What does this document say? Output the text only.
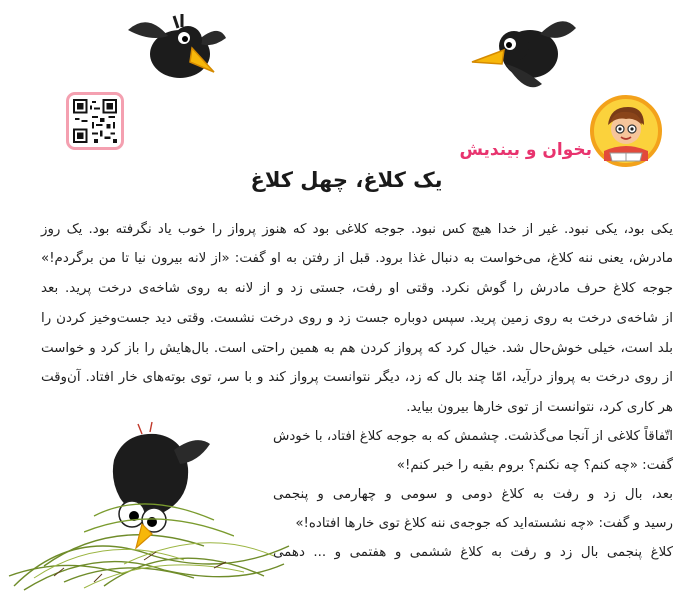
بخوان و بیندیش
یک کلاغ، چهل کلاغ
یکی بود، یکی نبود. غیر از خدا هیچ کس نبود. جوجه کلاغی بود که هنوز پرواز را خوب یاد نگرفته بود. یک روز
مادرش، یعنی ننه کلاغ، می‌خواست به دنبال غذا برود. قبل از رفتن به او گفت: «از لانه بیرون نیا تا من برگردم!»
جوجه کلاغ حرف مادرش را گوش نکرد. وقتی او رفت، جستی زد و از لانه به روی شاخه‌ی درخت پرید. بعد
از شاخه‌ی درخت به روی زمین پرید. سپس دوباره جست زد و روی درخت نشست. وقتی دید جست‌وخیز کردن را
بلد است، خیلی خوش‌حال شد. خیال کرد که پرواز کردن هم به همین راحتی است. بال‌هایش را باز کرد و خواست
از روی درخت به پرواز درآید، امّا چند بال که زد، دیگر نتوانست پرواز کند و با سر، توی بوته‌های خار افتاد. آن‌وقت
هر کاری کرد، نتوانست از توی خارها بیرون بیاید.
اتّفاقاً کلاغی از آنجا می‌گذشت. چشمش که به جوجه کلاغ افتاد، با خودش
گفت: «چه کنم؟ چه نکنم؟ بروم بقیه را خبر کنم!»
بعد، بال زد و رفت به کلاغ دومی و سومی و چهارمی و پنجمی
رسید و گفت: «چه نشسته‌اید که جوجه‌ی ننه کلاغ توی خارها افتاده!»
کلاغ پنجمی بال زد و رفت به کلاغ ششمی و هفتمی و ... دهمی
